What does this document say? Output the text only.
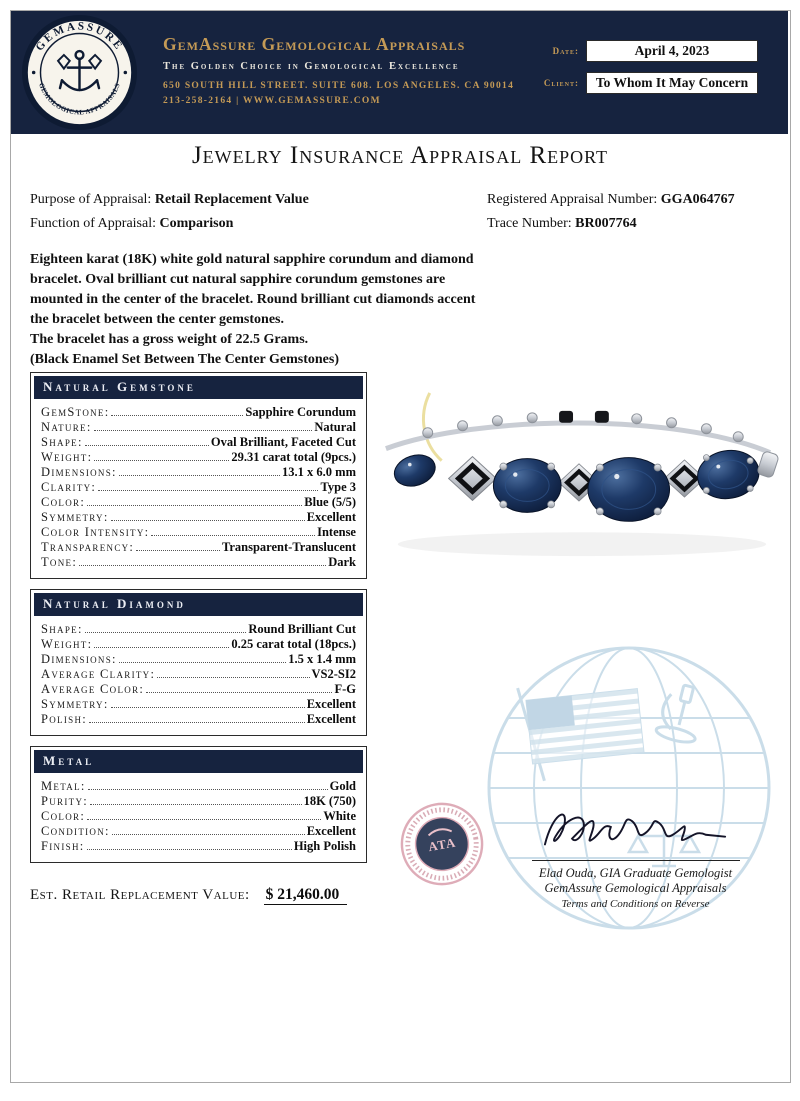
GEMASSURE
GEMOLOGICAL APPRAISALS
GemAssure Gemological Appraisals
The Golden Choice in Gemological Excellence
650 SOUTH HILL STREET. SUITE 608. LOS ANGELES. CA 90014
213-258-2164 | WWW.GEMASSURE.COM
Date:	April 4, 2023
Client: To Whom It May Concern
Jewelry Insurance Appraisal Report
Purpose of Appraisal: Retail Replacement Value
Function of Appraisal: Comparison
Registered Appraisal Number: GGA064767
Trace Number: BR007764
Eighteen karat (18K) white gold natural sapphire corundum and diamond bracelet. Oval brilliant cut natural sapphire corundum gemstones are mounted in the center of the bracelet. Round brilliant cut diamonds accent the bracelet between the center gemstones.
The bracelet has a gross weight of 22.5 Grams.
(Black Enamel Set Between The Center Gemstones)
Natural Gemstone
GemStone:	Sapphire Corundum
Nature:	Natural
Shape:	Oval Brilliant, Faceted Cut
Weight:	29.31 carat total (9pcs.)
Dimensions:	13.1 x 6.0 mm
Clarity:	Type 3
Color:	Blue (5/5)
Symmetry:	Excellent
Color Intensity:	Intense
Transparency:	Transparent-Translucent
Tone:	Dark
Natural Diamond
Shape:	Round Brilliant Cut
Weight:	0.25 carat total (18pcs.)
Dimensions:	1.5 x 1.4 mm
Average Clarity:	VS2-SI2
Average Color:	F-G
Symmetry:	Excellent
Polish:	Excellent
Metal
Metal:	Gold
Purity:	18K (750)
Color:	White
Condition:	Excellent
Finish:	High Polish	ATA
Elad Ouda, GIA Graduate Gemologist
GemAssure Gemological Appraisals
Terms and Conditions on Reverse
Est. Retail Replacement Value: $ 21,460.00
